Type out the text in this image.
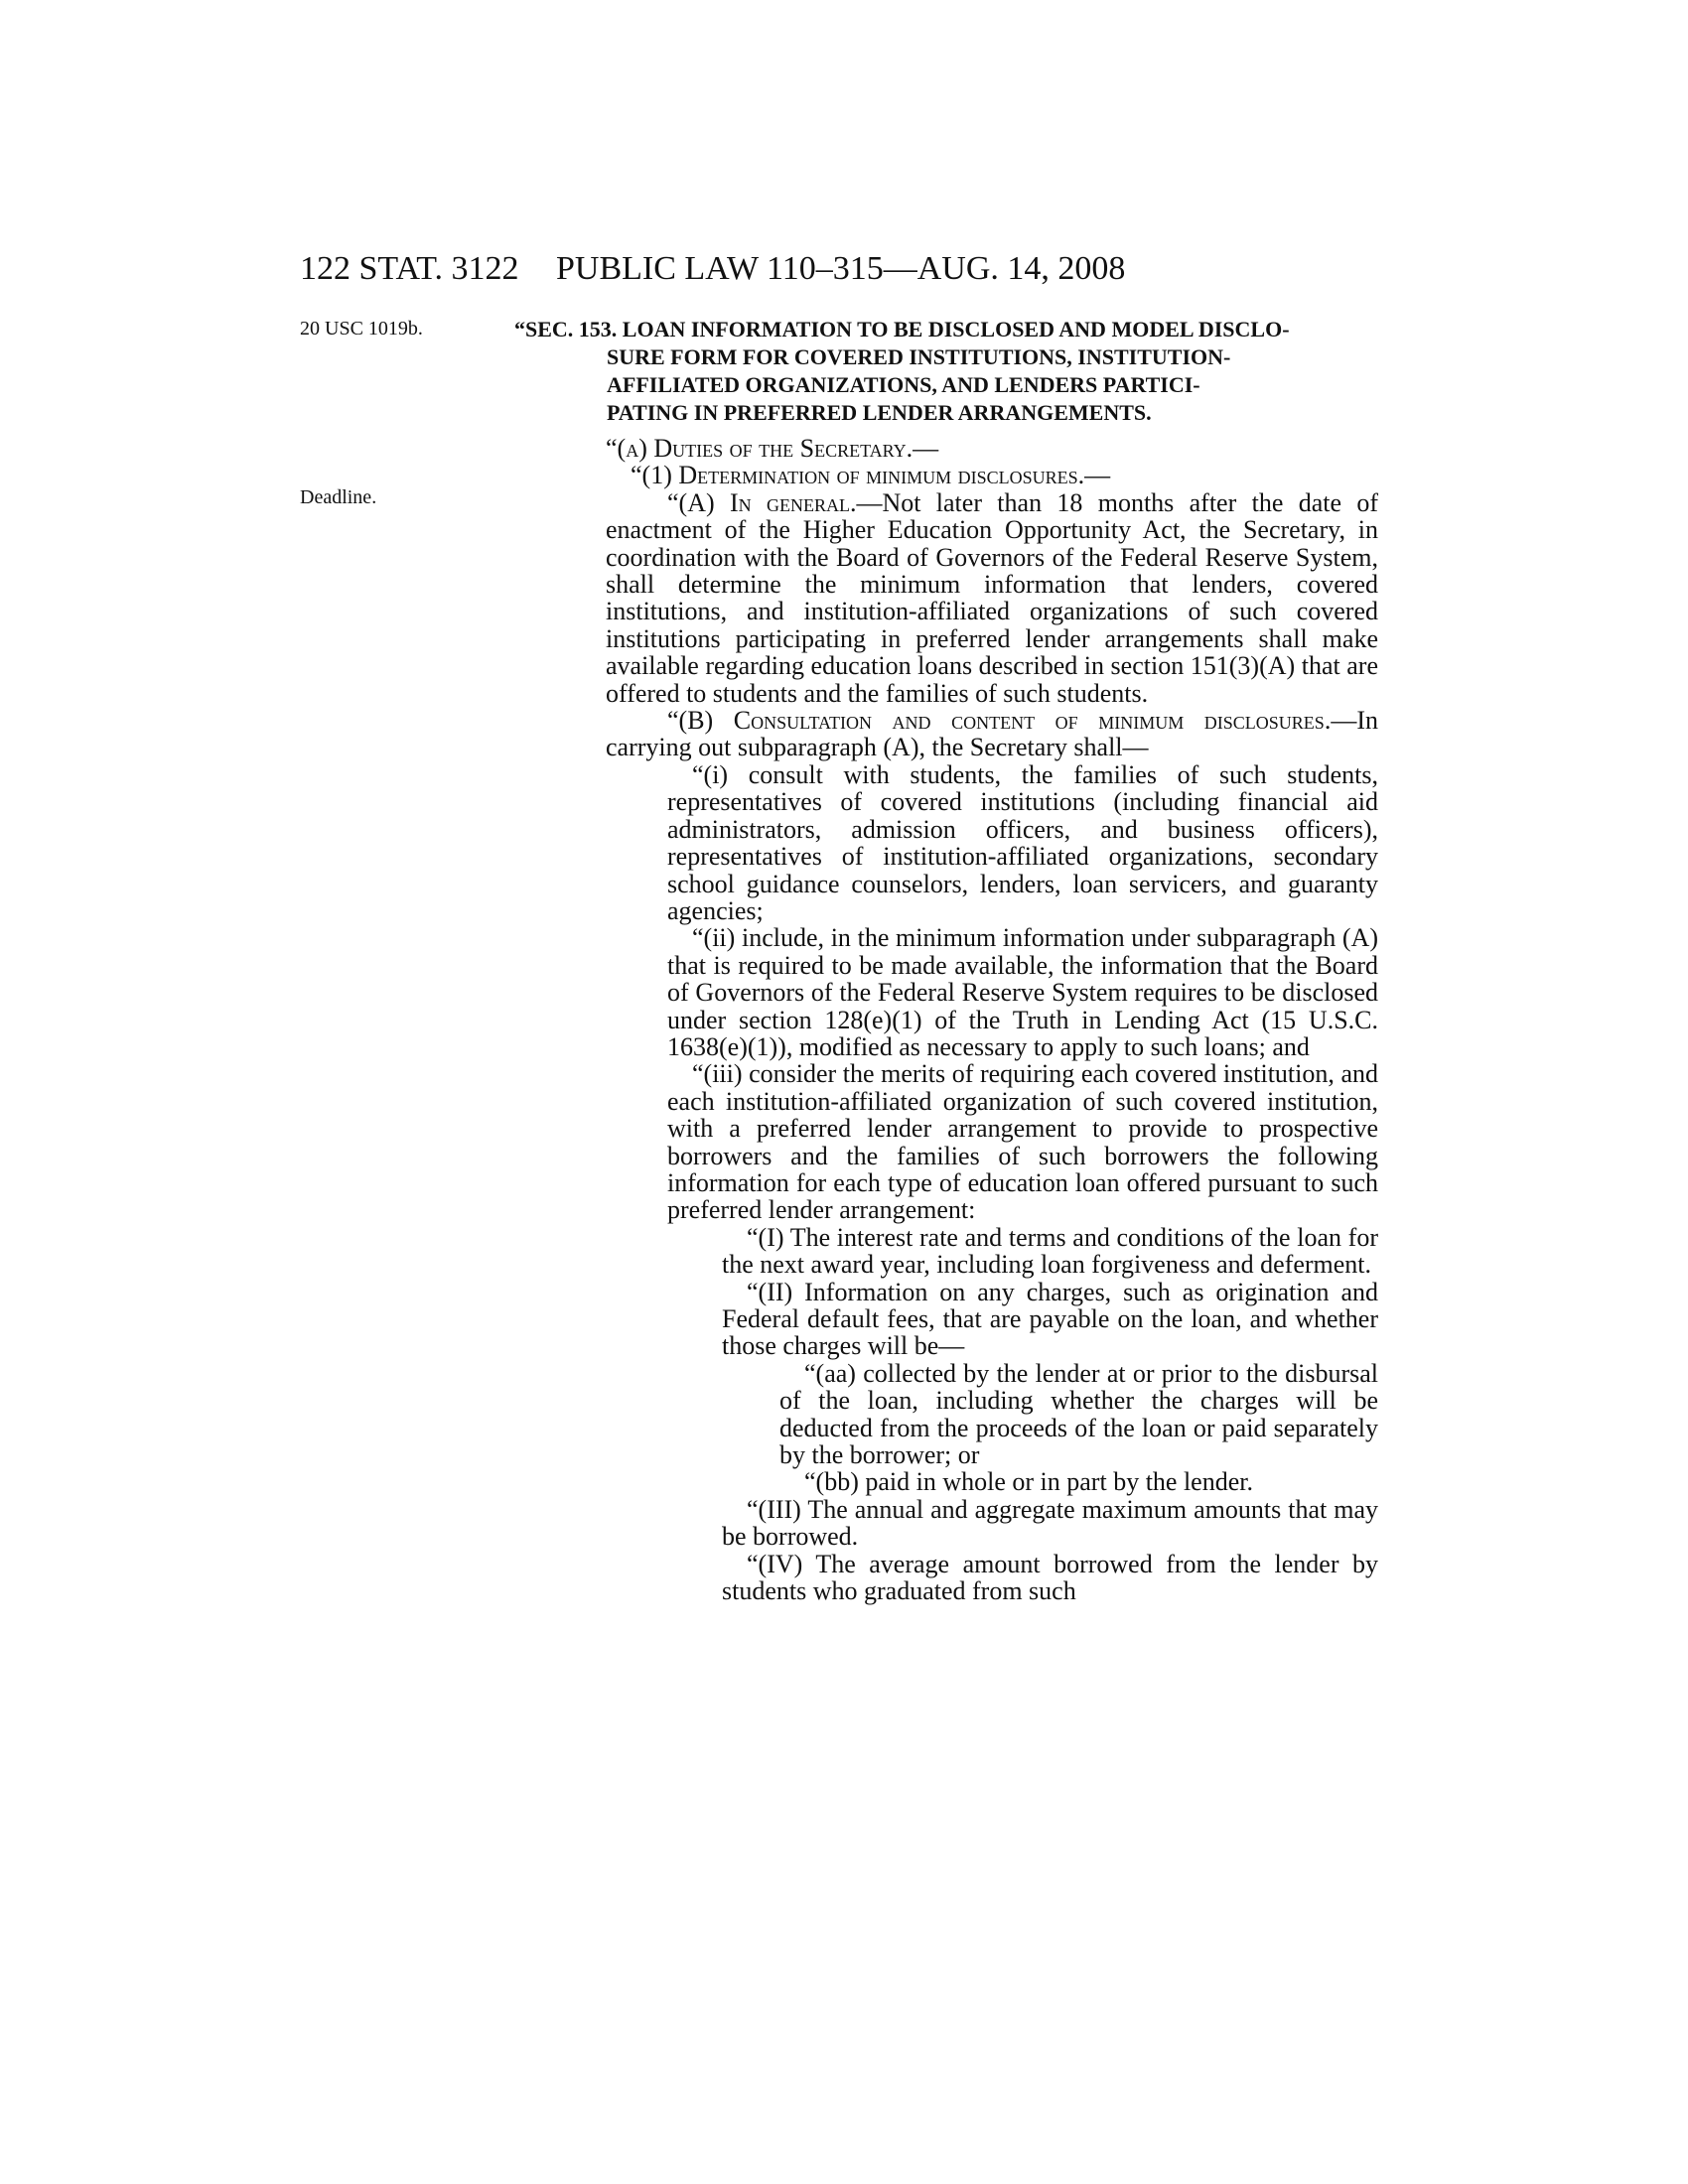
122 STAT. 3122 PUBLIC LAW 110–315—AUG. 14, 2008
20 USC 1019b.
Deadline.
“SEC. 153.
LOAN INFORMATION TO BE DISCLOSED AND MODEL DISCLO-
SURE FORM FOR COVERED INSTITUTIONS, INSTITUTION-
AFFILIATED ORGANIZATIONS, AND LENDERS PARTICI-
PATING IN PREFERRED LENDER ARRANGEMENTS.
“(a) Duties of the Secretary.—
“(1) Determination of minimum disclosures.—
“(A) In general.—Not later than 18 months after the date of enactment of the Higher Education Opportunity Act, the Secretary, in coordination with the Board of Governors of the Federal Reserve System, shall determine the minimum information that lenders, covered institutions, and institution-affiliated organizations of such covered institutions participating in preferred lender arrangements shall make available regarding education loans described in section 151(3)(A) that are offered to students and the families of such students.
“(B) Consultation and content of minimum disclosures.—In carrying out subparagraph (A), the Secretary shall—
“(i) consult with students, the families of such students, representatives of covered institutions (including financial aid administrators, admission officers, and business officers), representatives of institution-affiliated organizations, secondary school guidance counselors, lenders, loan servicers, and guaranty agencies;
“(ii) include, in the minimum information under subparagraph (A) that is required to be made available, the information that the Board of Governors of the Federal Reserve System requires to be disclosed under section 128(e)(1) of the Truth in Lending Act (15 U.S.C. 1638(e)(1)), modified as necessary to apply to such loans; and
“(iii) consider the merits of requiring each covered institution, and each institution-affiliated organization of such covered institution, with a preferred lender arrangement to provide to prospective borrowers and the families of such borrowers the following information for each type of education loan offered pursuant to such preferred lender arrangement:
“(I) The interest rate and terms and conditions of the loan for the next award year, including loan forgiveness and deferment.
“(II) Information on any charges, such as origination and Federal default fees, that are payable on the loan, and whether those charges will be—
“(aa) collected by the lender at or prior to the disbursal of the loan, including whether the charges will be deducted from the proceeds of the loan or paid separately by the borrower; or
“(bb) paid in whole or in part by the lender.
“(III) The annual and aggregate maximum amounts that may be borrowed.
“(IV) The average amount borrowed from the lender by students who graduated from such
